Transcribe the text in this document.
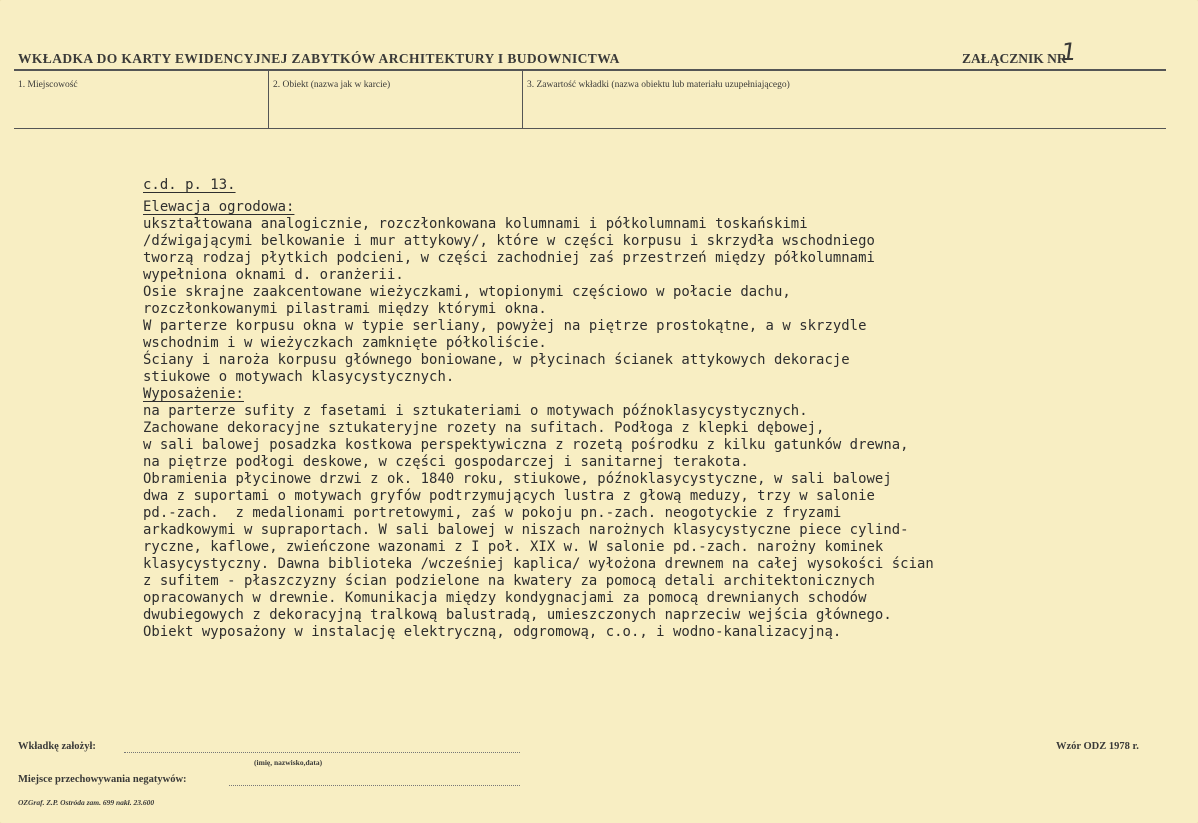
WKŁADKA DO KARTY EWIDENCYJNEJ ZABYTKÓW ARCHITEKTURY I BUDOWNICTWA	ZAŁĄCZNIK NR
1
1. Miejscowość	2. Obiekt (nazwa jak w karcie)	3. Zawartość wkładki (nazwa obiektu lub materiału uzupełniającego)
c.d. p. 13.
Elewacja ogrodowa:
ukształtowana analogicznie, rozczłonkowana kolumnami i półkolumnami toskańskimi
/dźwigającymi belkowanie i mur attykowy/, które w części korpusu i skrzydła wschodniego
tworzą rodzaj płytkich podcieni, w części zachodniej zaś przestrzeń między półkolumnami
wypełniona oknami d. oranżerii.
Osie skrajne zaakcentowane wieżyczkami, wtopionymi częściowo w połacie dachu,
rozczłonkowanymi pilastrami między którymi okna.
W parterze korpusu okna w typie serliany, powyżej na piętrze prostokątne, a w skrzydle
wschodnim i w wieżyczkach zamknięte półkoliście.
Ściany i naroża korpusu głównego boniowane, w płycinach ścianek attykowych dekoracje
stiukowe o motywach klasycystycznych.
Wyposażenie:
na parterze sufity z fasetami i sztukateriami o motywach późnoklasycystycznych.
Zachowane dekoracyjne sztukateryjne rozety na sufitach. Podłoga z klepki dębowej,
w sali balowej posadzka kostkowa perspektywiczna z rozetą pośrodku z kilku gatunków drewna,
na piętrze podłogi deskowe, w części gospodarczej i sanitarnej terakota.
Obramienia płycinowe drzwi z ok. 1840 roku, stiukowe, późnoklasycystyczne, w sali balowej
dwa z suportami o motywach gryfów podtrzymujących lustra z głową meduzy, trzy w salonie
pd.-zach.  z medalionami portretowymi, zaś w pokoju pn.-zach. neogotyckie z fryzami
arkadkowymi w supraportach. W sali balowej w niszach narożnych klasycystyczne piece cylind-
ryczne, kaflowe, zwieńczone wazonami z I poł. XIX w. W salonie pd.-zach. narożny kominek
klasycystyczny. Dawna biblioteka /wcześniej kaplica/ wyłożona drewnem na całej wysokości ścian
z sufitem - płaszczyzny ścian podzielone na kwatery za pomocą detali architektonicznych
opracowanych w drewnie. Komunikacja między kondygnacjami za pomocą drewnianych schodów
dwubiegowych z dekoracyjną tralkową balustradą, umieszczonych naprzeciw wejścia głównego.
Obiekt wyposażony w instalację elektryczną, odgromową, c.o., i wodno-kanalizacyjną.
Wkładkę założył:
(imię, nazwisko,data)
Miejsce przechowywania negatywów:
Wzór ODZ 1978 r.
OZGraf. Z.P. Ostróda zam. 699 nakł. 23.600
